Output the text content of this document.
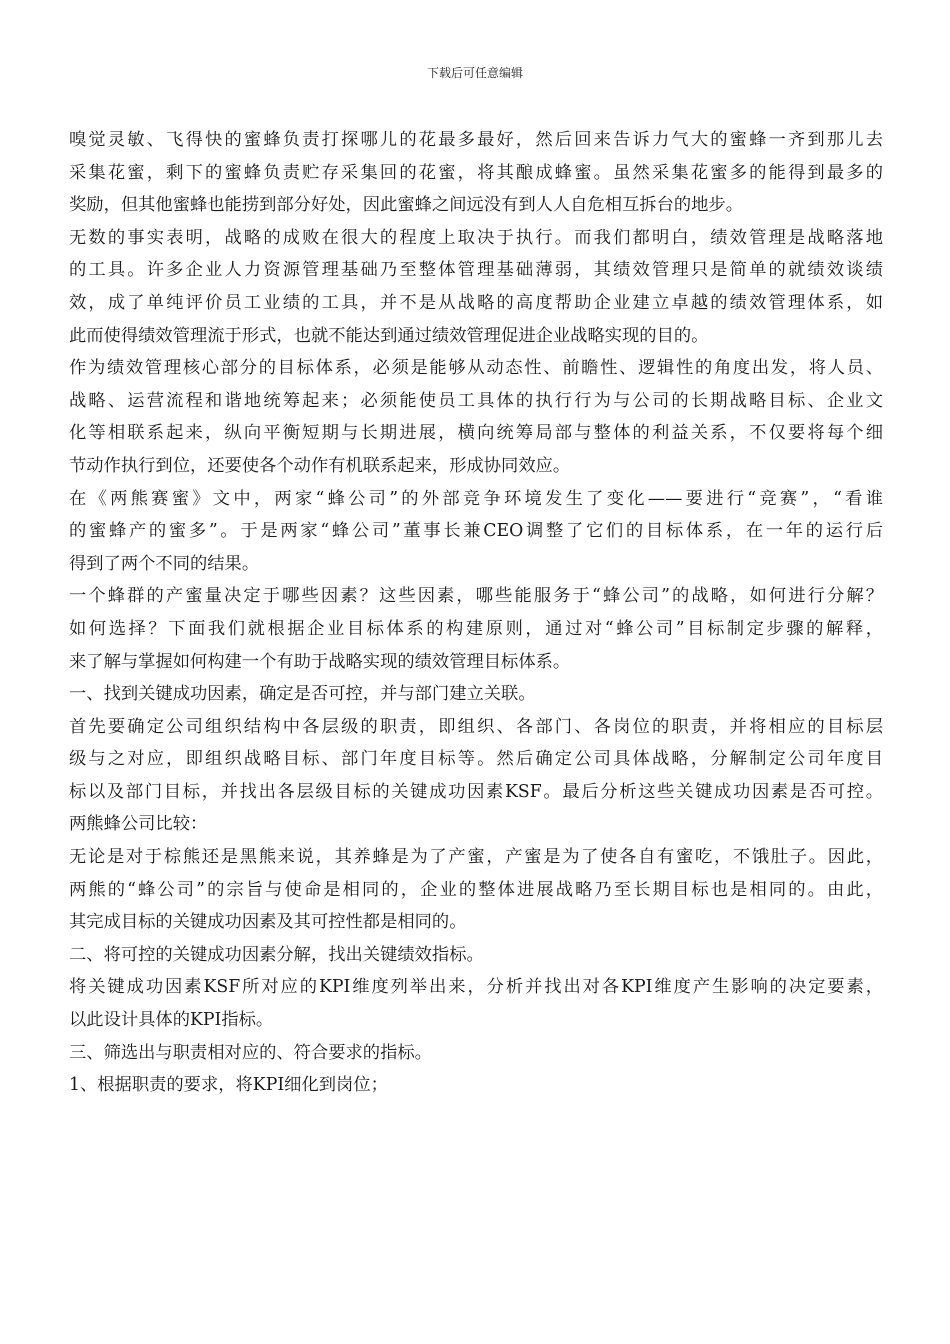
下载后可任意编辑
嗅觉灵敏、飞得快的蜜蜂负责打探哪儿的花最多最好，然后回来告诉力气大的蜜蜂一齐到那儿去
采集花蜜，剩下的蜜蜂负责贮存采集回的花蜜，将其酿成蜂蜜。虽然采集花蜜多的能得到最多的
奖励，但其他蜜蜂也能捞到部分好处，因此蜜蜂之间远没有到人人自危相互拆台的地步。
无数的事实表明，战略的成败在很大的程度上取决于执行。而我们都明白，绩效管理是战略落地
的工具。许多企业人力资源管理基础乃至整体管理基础薄弱，其绩效管理只是简单的就绩效谈绩
效，成了单纯评价员工业绩的工具，并不是从战略的高度帮助企业建立卓越的绩效管理体系，如
此而使得绩效管理流于形式，也就不能达到通过绩效管理促进企业战略实现的目的。
作为绩效管理核心部分的目标体系，必须是能够从动态性、前瞻性、逻辑性的角度出发，将人员、
战略、运营流程和谐地统筹起来；必须能使员工具体的执行行为与公司的长期战略目标、企业文
化等相联系起来，纵向平衡短期与长期进展，横向统筹局部与整体的利益关系，不仅要将每个细
节动作执行到位，还要使各个动作有机联系起来，形成协同效应。
在《两熊赛蜜》文中，两家“蜂公司”的外部竞争环境发生了变化——要进行“竞赛”，“看谁
的蜜蜂产的蜜多”。于是两家“蜂公司”董事长兼CEO调整了它们的目标体系，在一年的运行后
得到了两个不同的结果。
一个蜂群的产蜜量决定于哪些因素？这些因素，哪些能服务于“蜂公司”的战略，如何进行分解？
如何选择？下面我们就根据企业目标体系的构建原则，通过对“蜂公司”目标制定步骤的解释，
来了解与掌握如何构建一个有助于战略实现的绩效管理目标体系。
一、找到关键成功因素，确定是否可控，并与部门建立关联。
首先要确定公司组织结构中各层级的职责，即组织、各部门、各岗位的职责，并将相应的目标层
级与之对应，即组织战略目标、部门年度目标等。然后确定公司具体战略，分解制定公司年度目
标以及部门目标，并找出各层级目标的关键成功因素KSF。最后分析这些关键成功因素是否可控。
两熊蜂公司比较：
无论是对于棕熊还是黑熊来说，其养蜂是为了产蜜，产蜜是为了使各自有蜜吃，不饿肚子。因此，
两熊的“蜂公司”的宗旨与使命是相同的，企业的整体进展战略乃至长期目标也是相同的。由此，
其完成目标的关键成功因素及其可控性都是相同的。
二、将可控的关键成功因素分解，找出关键绩效指标。
将关键成功因素KSF所对应的KPI维度列举出来，分析并找出对各KPI维度产生影响的决定要素，
以此设计具体的KPI指标。
三、筛选出与职责相对应的、符合要求的指标。
1、根据职责的要求，将KPI细化到岗位；
